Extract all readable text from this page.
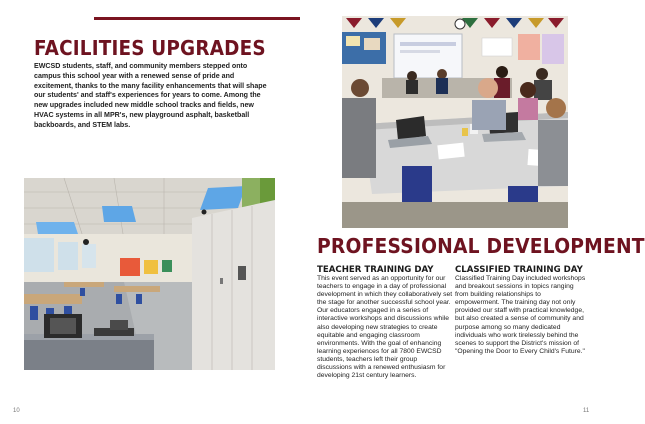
FACILITIES UPGRADES
EWCSD students, staff, and community members stepped onto campus this school year with a renewed sense of pride and excitement, thanks to the many facility enhancements that will shape our students' and staff's experiences for years to come. Among the new upgrades included new middle school tracks and fields, new HVAC systems in all MPR's, new playground asphalt, basketball backboards, and STEM labs.
10
PROFESSIONAL DEVELOPMENT
TEACHER TRAINING DAY
This event served as an opportunity for our teachers to engage in a day of professional development in which they collaboratively set the stage for another successful school year. Our educators engaged in a series of interactive workshops and discussions while also developing new strategies to create equitable and engaging classroom environments. With the goal of enhancing learning experiences for all 7800 EWCSD students, teachers left their group discussions with a renewed enthusiasm for developing 21st century learners.
CLASSIFIED TRAINING DAY
Classified Training Day included workshops and breakout sessions in topics ranging from building relationships to empowerment. The training day not only provided our staff with practical knowledge, but also created a sense of community and purpose among so many dedicated individuals who work tirelessly behind the scenes to support the District's mission of "Opening the Door to Every Child's Future."
11
